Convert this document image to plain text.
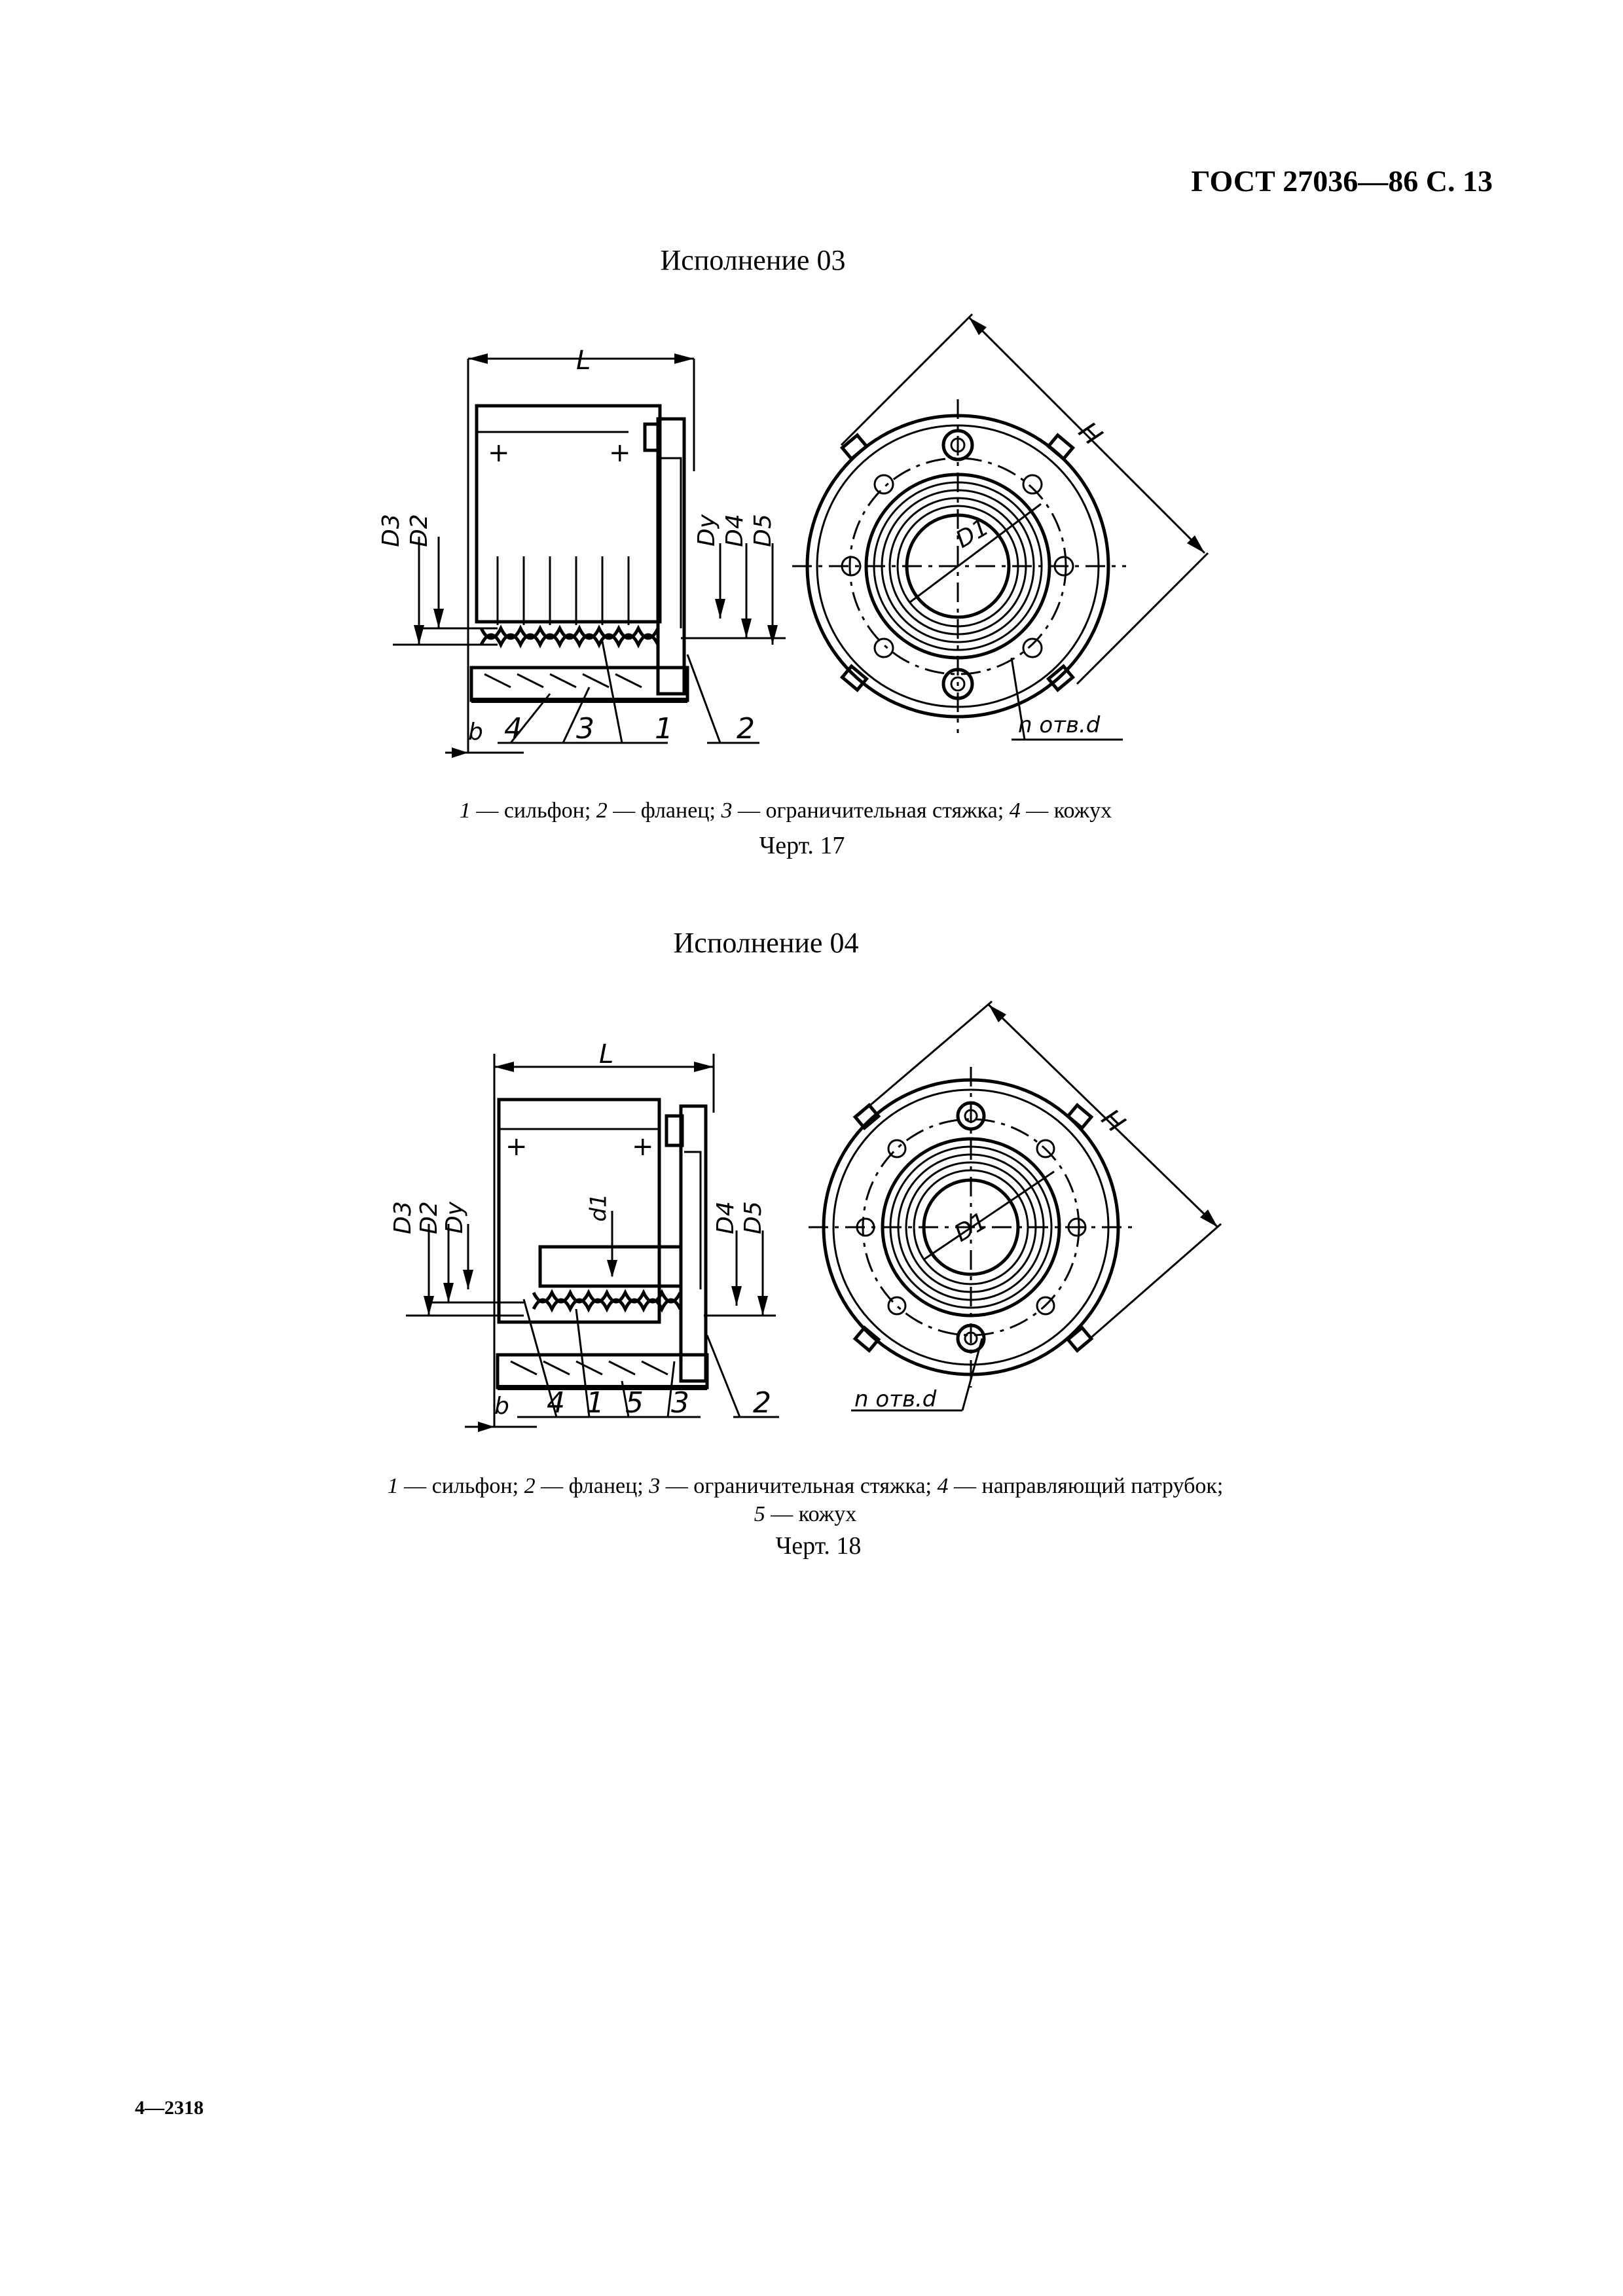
ГОСТ 27036—86 С. 13
Исполнение 03
+	+
L
H
D3 D2	Dy D4 D5
b
D1
4 3 1 2	n отв.d
1 — сильфон; 2 — фланец; 3 — ограничительная стяжка; 4 — кожух
Черт. 17
Исполнение 04
+	+
L
H
D3 D2
Dy	D4 D5
d1
b
D1
4 1 5 3 2	n отв.d
1 — сильфон; 2 — фланец; 3 — ограничительная стяжка; 4 — направляющий патрубок; 5 — кожух
Черт. 18
4—2318
